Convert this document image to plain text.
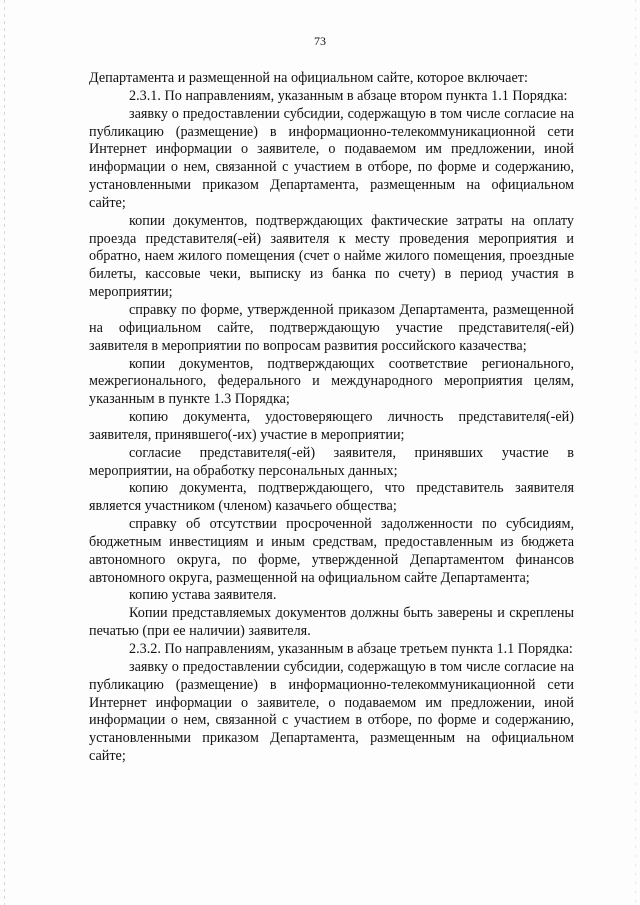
73

Департамента и размещенной на официальном сайте, которое включает:

2.3.1. По направлениям, указанным в абзаце втором пункта 1.1 Порядка:

заявку о предоставлении субсидии, содержащую в том числе согласие на публикацию (размещение) в информационно-телекоммуникационной сети Интернет информации о заявителе, о подаваемом им предложении, иной информации о нем, связанной с участием в отборе, по форме и содержанию, установленными приказом Департамента, размещенным на официальном сайте;

копии документов, подтверждающих фактические затраты на оплату проезда представителя(-ей) заявителя к месту проведения мероприятия и обратно, наем жилого помещения (счет о найме жилого помещения, проездные билеты, кассовые чеки, выписку из банка по счету) в период участия в мероприятии;

справку по форме, утвержденной приказом Департамента, размещенной на официальном сайте, подтверждающую участие представителя(-ей) заявителя в мероприятии по вопросам развития российского казачества;

копии документов, подтверждающих соответствие регионального, межрегионального, федерального и международного мероприятия целям, указанным в пункте 1.3 Порядка;

копию документа, удостоверяющего личность представителя(-ей) заявителя, принявшего(-их) участие в мероприятии;

согласие представителя(-ей) заявителя, принявших участие в мероприятии, на обработку персональных данных;

копию документа, подтверждающего, что представитель заявителя является участником (членом) казачьего общества;

справку об отсутствии просроченной задолженности по субсидиям, бюджетным инвестициям и иным средствам, предоставленным из бюджета автономного округа, по форме, утвержденной Департаментом финансов автономного округа, размещенной на официальном сайте Департамента;

копию устава заявителя.

Копии представляемых документов должны быть заверены и скреплены печатью (при ее наличии) заявителя.

2.3.2. По направлениям, указанным в абзаце третьем пункта 1.1 Порядка:

заявку о предоставлении субсидии, содержащую в том числе согласие на публикацию (размещение) в информационно-телекоммуникационной сети Интернет информации о заявителе, о подаваемом им предложении, иной информации о нем, связанной с участием в отборе, по форме и содержанию, установленными приказом Департамента, размещенным на официальном сайте;
